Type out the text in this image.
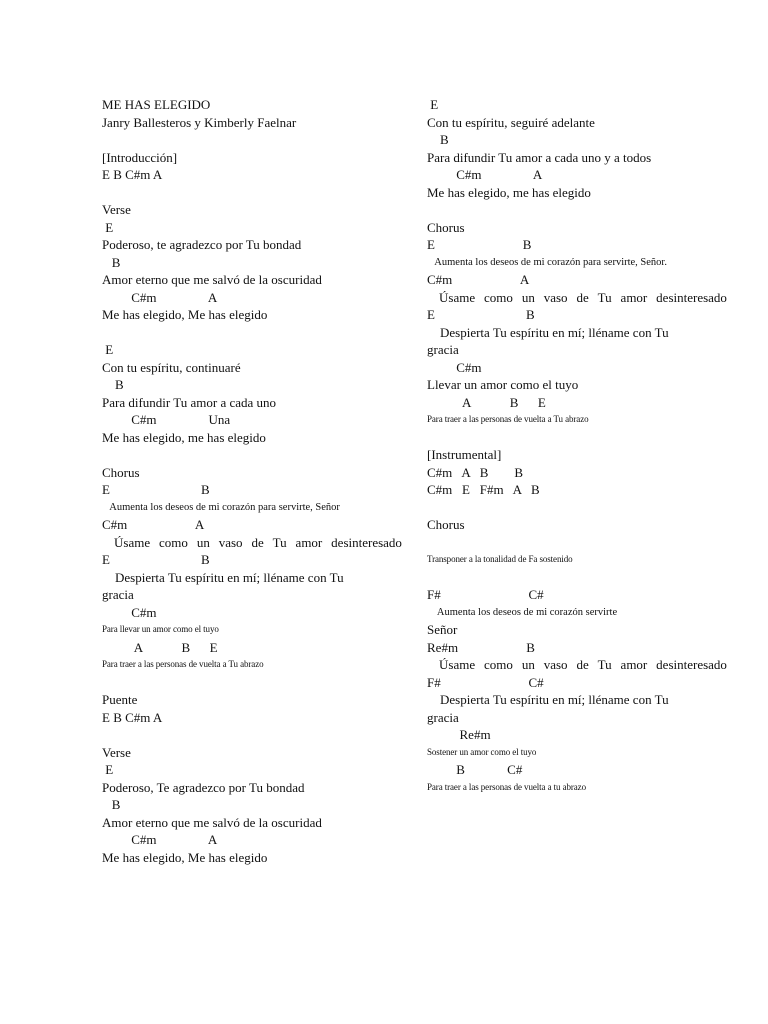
ME HAS ELEGIDO
Janry Ballesteros y Kimberly Faelnar
[Introducción]
E B C#m A
Verse
E
Poderoso, te agradezco por Tu bondad
B
Amor eterno que me salvó de la oscuridad
C#m                A
Me has elegido, Me has elegido
E
Con tu espíritu, continuaré
B
Para difundir Tu amor a cada uno
C#m                Una
Me has elegido, me has elegido
Chorus
E                            B
Aumenta los deseos de mi corazón para servirte, Señor
C#m                     A
Úsame como un vaso de Tu amor desinteresado
E                            B
Despierta Tu espíritu en mí; lléname con Tu
gracia
C#m
Para llevar un amor como el tuyo
A            B      E
Para traer a las personas de vuelta a Tu abrazo
Puente
E B C#m A
Verse
E
Poderoso, Te agradezco por Tu bondad
B
Amor eterno que me salvó de la oscuridad
C#m                A
Me has elegido, Me has elegido
E
Con tu espíritu, seguiré adelante
B
Para difundir Tu amor a cada uno y a todos
C#m                A
Me has elegido, me has elegido
Chorus
E                           B
Aumenta los deseos de mi corazón para servirte, Señor.
C#m                     A
Úsame como un vaso de Tu amor desinteresado
E                            B
Despierta Tu espíritu en mí; lléname con Tu
gracia
C#m
Llevar un amor como el tuyo
A            B      E
Para traer a las personas de vuelta a Tu abrazo
[Instrumental]
C#m   A   B        B
C#m   E   F#m   A   B
Chorus
Transponer a la tonalidad de Fa sostenido
F#                           C#
Aumenta los deseos de mi corazón servirte
Señor
Re#m                     B
Úsame como un vaso de Tu amor desinteresado
F#                           C#
Despierta Tu espíritu en mí; lléname con Tu
gracia
Re#m
Sostener un amor como el tuyo
B             C#
Para traer a las personas de vuelta a tu abrazo
